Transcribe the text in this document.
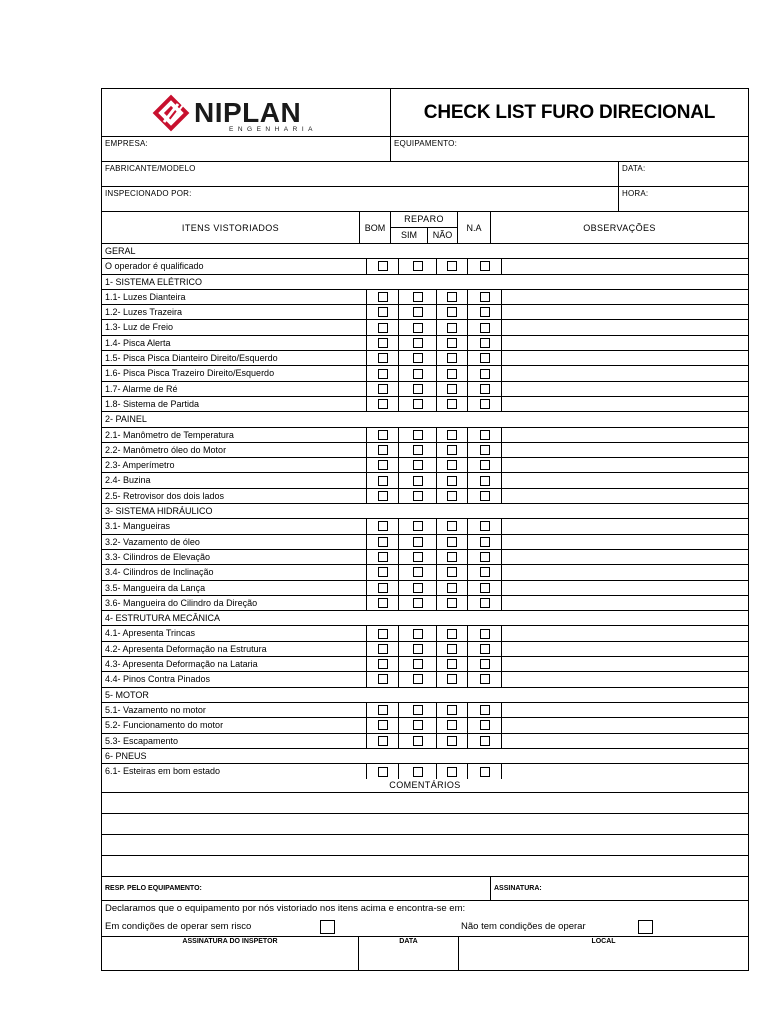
NIPLAN
ENGENHARIA
CHECK LIST FURO DIRECIONAL
EMPRESA:	EQUIPAMENTO:
FABRICANTE/MODELO	DATA:
INSPECIONADO POR:	HORA:
ITENS VISTORIADOS	BOM
REPARO
SIM	NÃO
N.A	OBSERVAÇÕES
GERAL
O operador é qualificado
1- SISTEMA ELÉTRICO
1.1- Luzes Dianteira
1.2- Luzes Trazeira
1.3- Luz de Freio
1.4- Pisca Alerta
1.5- Pisca Pisca Dianteiro Direito/Esquerdo
1.6- Pisca Pisca Trazeiro Direito/Esquerdo
1.7- Alarme de Ré
1.8- Sistema de Partida
2- PAINEL
2.1- Manômetro de Temperatura
2.2- Manômetro óleo do Motor
2.3- Amperímetro
2.4- Buzina
2.5- Retrovisor dos dois lados
3- SISTEMA HIDRÁULICO
3.1- Mangueiras
3.2- Vazamento de óleo
3.3- Cilindros de Elevação
3.4- Cilindros de Inclinação
3.5- Mangueira da Lança
3.6- Mangueira do Cilindro da Direção
4- ESTRUTURA MECÂNICA
4.1- Apresenta Trincas
4.2- Apresenta Deformação na Estrutura
4.3- Apresenta Deformação na Lataria
4.4- Pinos Contra Pinados
5- MOTOR
5.1- Vazamento no motor
5.2- Funcionamento do motor
5.3- Escapamento
6- PNEUS
6.1- Esteiras em bom estado
COMENTÁRIOS
RESP. PELO EQUIPAMENTO:	ASSINATURA:
Declaramos que o equipamento por nós vistoriado nos itens acima e encontra-se em:
Em condições de operar sem risco	Não tem condições de operar
ASSINATURA DO INSPETOR	DATA	LOCAL
